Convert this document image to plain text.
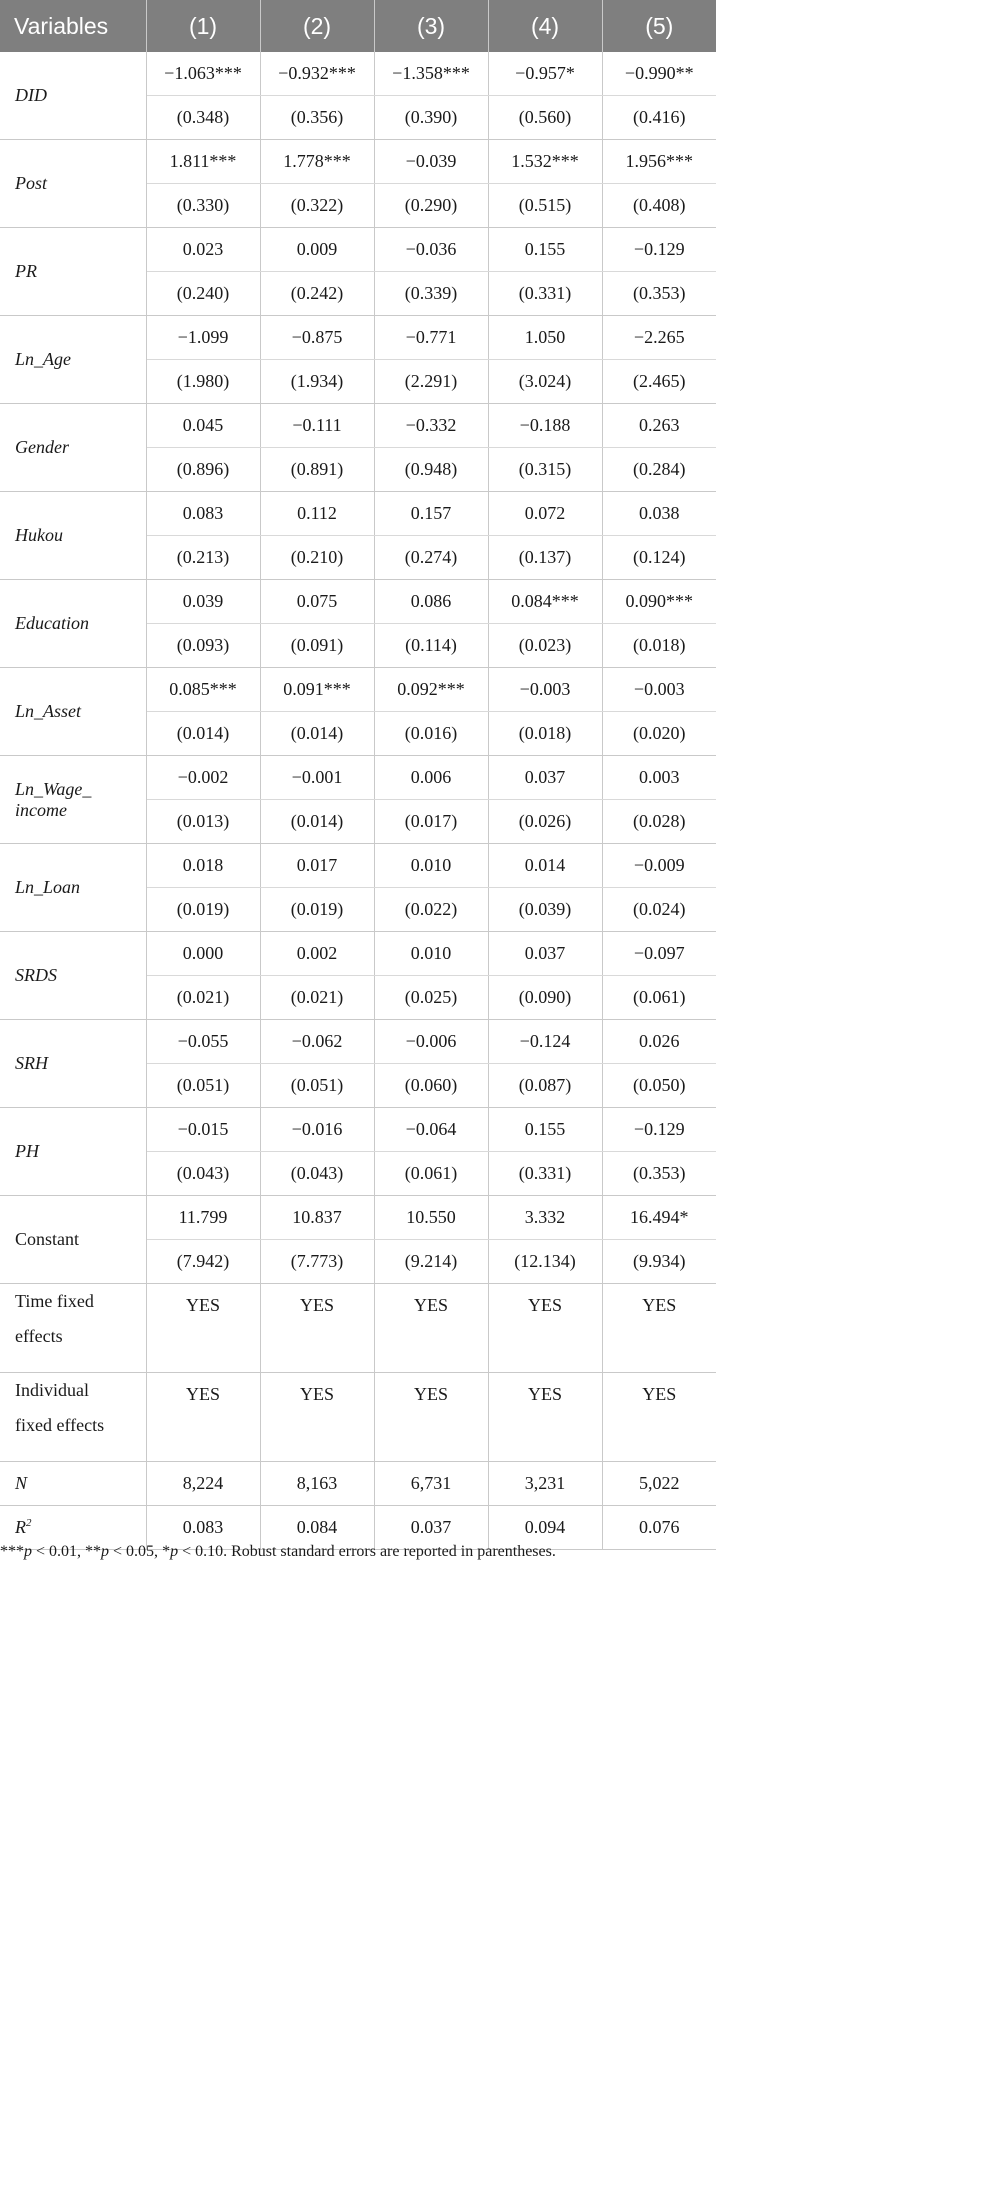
Variables	(1)	(2)	(3)	(4)	(5)
DID	−1.063***	−0.932***	−1.358***	−0.957*	−0.990**
	(0.348)	(0.356)	(0.390)	(0.560)	(0.416)
Post	1.811***	1.778***	−0.039	1.532***	1.956***
	(0.330)	(0.322)	(0.290)	(0.515)	(0.408)
PR	0.023	0.009	−0.036	0.155	−0.129
	(0.240)	(0.242)	(0.339)	(0.331)	(0.353)
Ln_Age	−1.099	−0.875	−0.771	1.050	−2.265
	(1.980)	(1.934)	(2.291)	(3.024)	(2.465)
Gender	0.045	−0.111	−0.332	−0.188	0.263
	(0.896)	(0.891)	(0.948)	(0.315)	(0.284)
Hukou	0.083	0.112	0.157	0.072	0.038
	(0.213)	(0.210)	(0.274)	(0.137)	(0.124)
Education	0.039	0.075	0.086	0.084***	0.090***
	(0.093)	(0.091)	(0.114)	(0.023)	(0.018)
Ln_Asset	0.085***	0.091***	0.092***	−0.003	−0.003
	(0.014)	(0.014)	(0.016)	(0.018)	(0.020)
Ln_Wage_
income	−0.002	−0.001	0.006	0.037	0.003
	(0.013)	(0.014)	(0.017)	(0.026)	(0.028)
Ln_Loan	0.018	0.017	0.010	0.014	−0.009
	(0.019)	(0.019)	(0.022)	(0.039)	(0.024)
SRDS	0.000	0.002	0.010	0.037	−0.097
	(0.021)	(0.021)	(0.025)	(0.090)	(0.061)
SRH	−0.055	−0.062	−0.006	−0.124	0.026
	(0.051)	(0.051)	(0.060)	(0.087)	(0.050)
PH	−0.015	−0.016	−0.064	0.155	−0.129
	(0.043)	(0.043)	(0.061)	(0.331)	(0.353)
Constant	11.799	10.837	10.550	3.332	16.494*
	(7.942)	(7.773)	(9.214)	(12.134)	(9.934)
Time fixed
effects	YES	YES	YES	YES	YES
Individual
fixed effects	YES	YES	YES	YES	YES
N	8,224	8,163	6,731	3,231	5,022
$R^2$	0.083	0.084	0.037	0.094	0.076
***p < 0.01, **p < 0.05, *p < 0.10. Robust standard errors are reported in parentheses.
